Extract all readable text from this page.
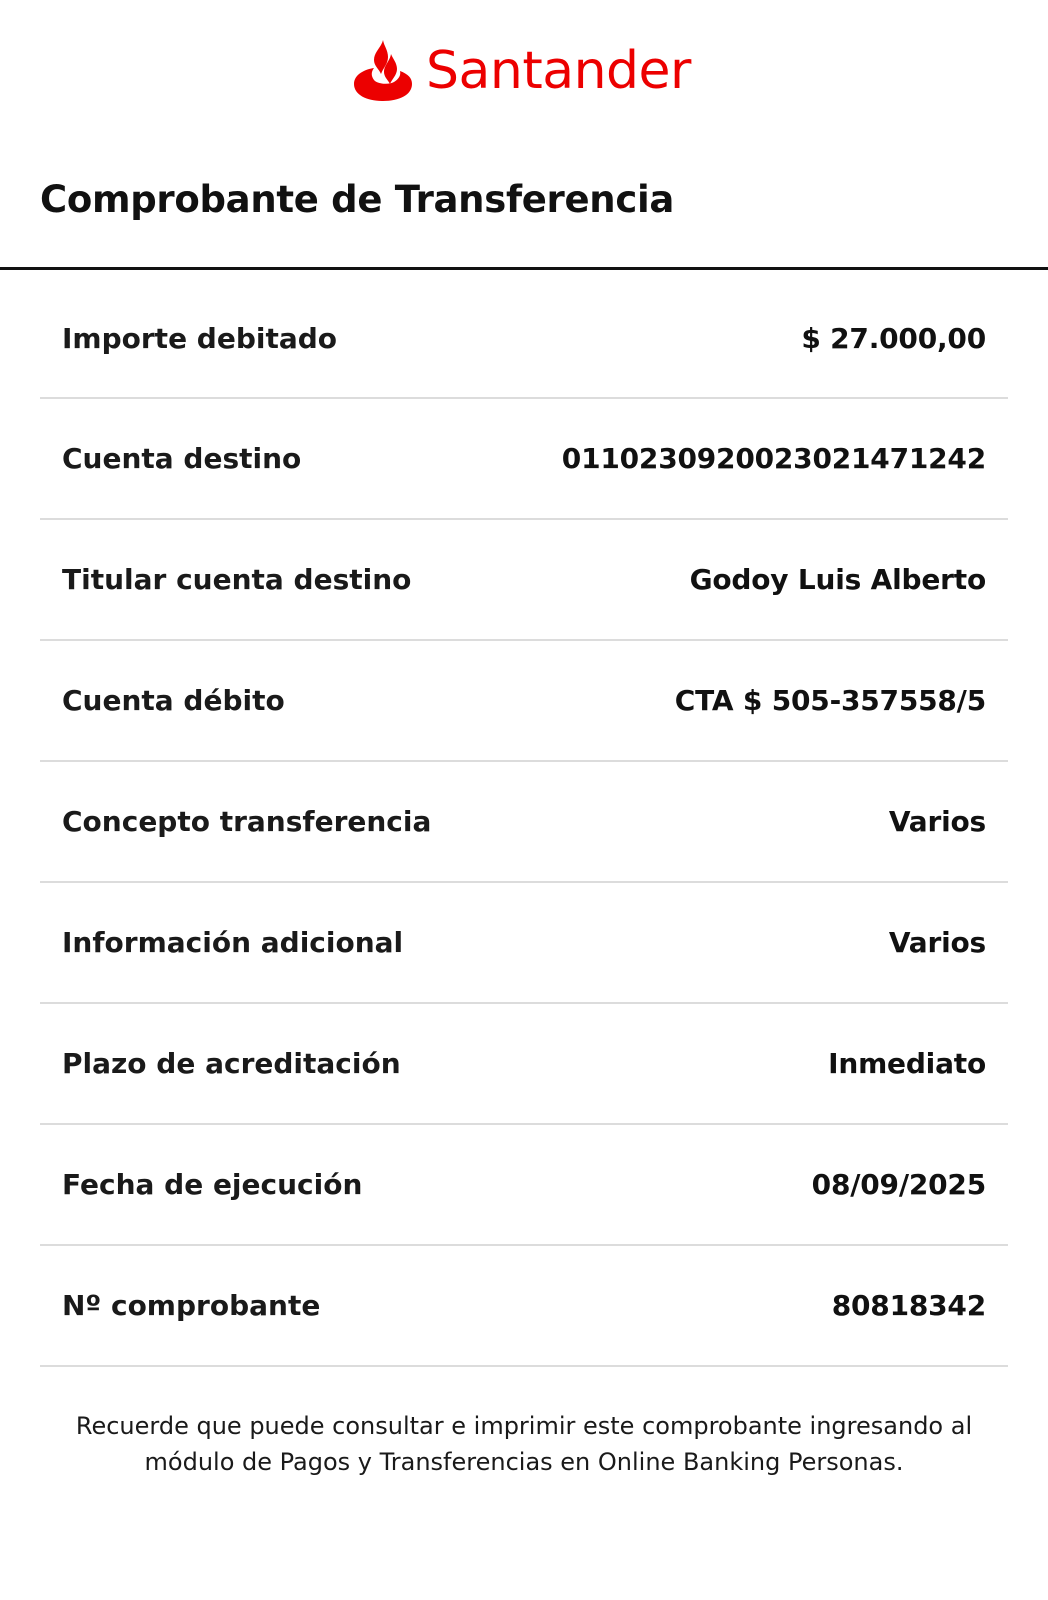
Santander
Comprobante de Transferencia
Importe debitado	$ 27.000,00
Cuenta destino	0110230920023021471242
Titular cuenta destino	Godoy Luis Alberto
Cuenta débito	CTA $ 505-357558/5
Concepto transferencia	Varios
Información adicional	Varios
Plazo de acreditación	Inmediato
Fecha de ejecución	08/09/2025
Nº comprobante	80818342

Recuerde que puede consultar e imprimir este comprobante ingresando al módulo de Pagos y Transferencias en Online Banking Personas.
